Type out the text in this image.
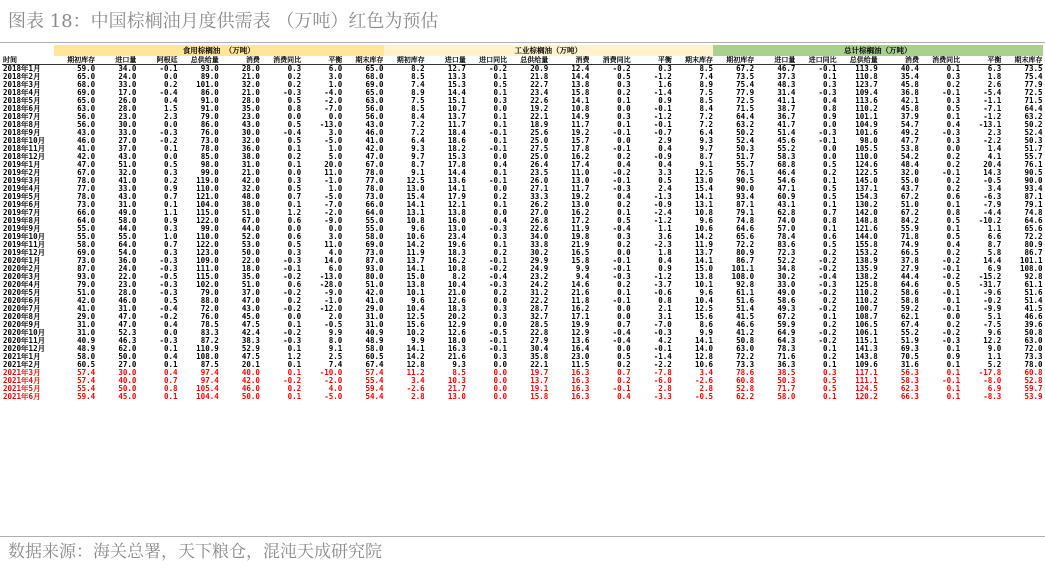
图表 18：中国棕榈油月度供需表 （万吨）红色为预估
	食用棕榈油 （万吨）								工业棕榈油（万吨）								总计棕榈油（万吨）							
时间	期初库存	进口量	阿根廷	总供给量	消费	消费同比	平衡	期末库存	期初库存	进口量	进口同比	总供给量	消费	消费同比	平衡	期末库存	期初库存	进口量	进口同比	总供给量	消费	消费同比	平衡	期末库存
2018年1月	59.0	34.0	-0.1	93.0	28.0	0.3	6.0	65.0	8.2	12.7	-0.2	20.9	12.4	-0.2	0.3	8.5	67.2	46.7	-0.1	113.9	40.4	0.1	6.3	73.5
2018年2月	65.0	24.0	0.0	89.0	21.0	0.2	3.0	68.0	8.5	13.3	0.1	21.8	14.4	0.5	-1.2	7.4	73.5	37.3	0.1	110.8	35.4	0.3	1.8	75.4
2018年3月	68.0	33.0	0.2	101.0	32.0	0.2	1.0	69.0	7.4	15.3	0.5	22.7	13.8	0.3	1.6	8.9	75.4	48.3	0.3	123.7	45.8	0.2	2.6	77.9
2018年4月	69.0	17.0	-0.4	86.0	21.0	-0.3	-4.0	65.0	8.9	14.4	0.1	23.4	15.8	0.2	-1.4	7.5	77.9	31.4	-0.3	109.4	36.8	-0.1	-5.4	72.5
2018年5月	65.0	26.0	0.4	91.0	28.0	0.5	-2.0	63.0	7.5	15.1	0.3	22.6	14.1	0.1	0.9	8.5	72.5	41.1	0.4	113.6	42.1	0.3	-1.1	71.5
2018年6月	63.0	28.0	1.5	91.0	35.0	0.8	-7.0	56.0	8.5	10.7	0.0	19.2	10.8	0.0	-0.1	8.4	71.5	38.7	0.8	110.2	45.8	0.5	-7.1	64.4
2018年7月	56.0	23.0	2.3	79.0	23.0	0.0	0.0	56.0	8.4	13.7	0.1	22.1	14.9	0.3	-1.2	7.2	64.4	36.7	0.9	101.1	37.9	0.1	-1.2	63.2
2018年8月	56.0	30.0	0.0	86.0	43.0	0.5	-13.0	43.0	7.2	11.7	0.1	18.9	11.7	0.1	-0.1	7.2	63.2	41.7	0.0	104.9	54.7	0.4	-13.1	50.2
2018年9月	43.0	33.0	-0.3	76.0	30.0	-0.4	3.0	46.0	7.2	18.4	-0.1	25.6	19.2	-0.1	-0.7	6.4	50.2	51.4	-0.3	101.6	49.2	-0.3	2.3	52.4
2018年10月	46.0	27.0	-0.2	73.0	32.0	0.5	-5.0	41.0	6.4	18.6	0.1	25.0	15.7	0.0	2.9	9.3	52.4	45.6	-0.1	98.0	47.7	0.3	-2.2	50.3
2018年11月	41.0	37.0	0.1	78.0	36.0	0.1	1.0	42.0	9.3	18.2	-0.1	27.5	17.8	-0.1	0.4	9.7	50.3	55.2	0.0	105.5	53.8	0.0	1.4	51.7
2018年12月	42.0	43.0	0.0	85.0	38.0	0.2	5.0	47.0	9.7	15.3	0.0	25.0	16.2	0.2	-0.9	8.7	51.7	58.3	0.0	110.0	54.2	0.2	4.1	55.7
2019年1月	47.0	51.0	0.5	98.0	31.0	0.1	20.0	67.0	8.7	17.8	0.4	26.4	17.4	0.4	0.4	9.1	55.7	68.8	0.5	124.6	48.4	0.2	20.4	76.1
2019年2月	67.0	32.0	0.3	99.0	21.0	0.0	11.0	78.0	9.1	14.4	0.1	23.5	11.0	-0.2	3.3	12.5	76.1	46.4	0.2	122.5	32.0	-0.1	14.3	90.5
2019年3月	78.0	41.0	0.2	119.0	42.0	0.3	-1.0	77.0	12.5	13.6	-0.1	26.0	13.0	-0.1	0.5	13.0	90.5	54.6	0.1	145.0	55.0	0.2	-0.5	90.0
2019年4月	77.0	33.0	0.9	110.0	32.0	0.5	1.0	78.0	13.0	14.1	0.0	27.1	11.7	-0.3	2.4	15.4	90.0	47.1	0.5	137.1	43.7	0.2	3.4	93.4
2019年5月	78.0	43.0	0.7	121.0	48.0	0.7	-5.0	73.0	15.4	17.9	0.2	33.3	19.2	0.4	-1.3	14.1	93.4	60.9	0.5	154.3	67.2	0.6	-6.3	87.1
2019年6月	73.0	31.0	0.1	104.0	38.0	0.1	-7.0	66.0	14.1	12.1	0.1	26.2	13.0	0.2	-0.9	13.1	87.1	43.1	0.1	130.2	51.0	0.1	-7.9	79.1
2019年7月	66.0	49.0	1.1	115.0	51.0	1.2	-2.0	64.0	13.1	13.8	0.0	27.0	16.2	0.1	-2.4	10.8	79.1	62.8	0.7	142.0	67.2	0.8	-4.4	74.8
2019年8月	64.0	58.0	0.9	122.0	67.0	0.6	-9.0	55.0	10.8	16.0	0.4	26.8	17.2	0.5	-1.2	9.6	74.8	74.0	0.8	148.8	84.2	0.5	-10.2	64.6
2019年9月	55.0	44.0	0.3	99.0	44.0	0.0	0.0	55.0	9.6	13.0	-0.3	22.6	11.9	-0.4	1.1	10.6	64.6	57.0	0.1	121.6	55.9	0.1	1.1	65.6
2019年10月	55.0	55.0	1.0	110.0	52.0	0.6	3.0	58.0	10.6	23.4	0.3	34.0	19.8	0.3	3.6	14.2	65.6	78.4	0.6	144.0	71.8	0.5	6.6	72.2
2019年11月	58.0	64.0	0.7	122.0	53.0	0.5	11.0	69.0	14.2	19.6	0.1	33.8	21.9	0.2	-2.3	11.9	72.2	83.6	0.5	155.8	74.9	0.4	8.7	80.9
2019年12月	69.0	54.0	0.3	123.0	50.0	0.3	4.0	73.0	11.9	18.3	0.2	30.2	16.5	0.0	1.8	13.7	80.9	72.3	0.2	153.2	66.5	0.2	5.8	86.7
2020年1月	73.0	36.0	-0.3	109.0	22.0	-0.3	14.0	87.0	13.7	16.2	-0.1	29.9	15.8	-0.1	0.4	14.1	86.7	52.2	-0.2	138.9	37.8	-0.2	14.4	101.1
2020年2月	87.0	24.0	-0.3	111.0	18.0	-0.1	6.0	93.0	14.1	10.8	-0.2	24.9	9.9	-0.1	0.9	15.0	101.1	34.8	-0.2	135.9	27.9	-0.1	6.9	108.0
2020年3月	93.0	22.0	-0.5	115.0	35.0	-0.2	-13.0	80.0	15.0	8.2	-0.4	23.2	9.4	-0.3	-1.2	13.8	108.0	30.2	-0.4	138.2	44.4	-0.2	-15.2	92.8
2020年4月	79.0	23.0	-0.3	102.0	51.0	0.6	-28.0	51.0	13.8	10.4	-0.3	24.2	14.6	0.2	-3.7	10.1	92.8	33.0	-0.3	125.8	64.6	0.5	-31.7	61.1
2020年5月	51.0	28.0	-0.3	79.0	37.0	-0.2	-9.0	42.0	10.1	21.0	0.2	31.2	21.6	0.1	-0.6	9.6	61.1	49.0	-0.2	110.2	58.6	-0.1	-9.6	51.6
2020年6月	42.0	46.0	0.5	88.0	47.0	0.2	-1.0	41.0	9.6	12.6	0.0	22.2	11.8	-0.1	0.8	10.4	51.6	58.6	0.2	110.2	58.8	0.1	-0.2	51.4
2020年7月	41.0	31.0	-0.4	72.0	43.0	-0.2	-12.0	29.0	10.4	18.3	0.3	28.7	16.2	0.0	2.1	12.5	51.4	49.3	-0.2	100.7	59.2	-0.1	-9.9	41.5
2020年8月	29.0	47.0	-0.2	76.0	45.0	0.0	2.0	31.0	12.5	20.2	0.3	32.7	17.1	0.0	3.1	15.6	41.5	67.2	0.1	108.7	62.1	0.0	5.1	46.6
2020年9月	31.0	47.0	0.4	78.5	47.5	0.1	-0.5	31.0	15.6	12.9	0.0	28.5	19.9	0.7	-7.0	8.6	46.6	59.9	0.2	106.5	67.4	0.2	-7.5	39.6
2020年10月	31.0	52.3	0.0	83.3	42.4	-0.2	9.9	40.9	10.2	12.6	-0.5	22.8	12.9	-0.4	-0.3	9.9	41.2	64.9	-0.2	106.1	55.2	-0.2	9.6	50.8
2020年11月	40.9	46.3	-0.3	87.2	38.3	-0.3	8.0	48.9	9.9	18.0	-0.1	27.9	13.6	-0.4	4.2	14.1	50.8	64.3	-0.2	115.1	51.9	-0.3	12.2	63.0
2020年12月	48.9	62.0	0.1	110.9	52.9	0.1	9.1	58.0	14.1	16.3	-0.1	30.4	16.4	0.0	-0.1	14.0	63.0	78.3	0.1	141.3	69.3	0.1	9.0	72.0
2021年1月	58.0	50.0	0.4	108.0	47.5	1.2	2.5	60.5	14.2	21.6	0.3	35.8	23.0	0.5	-1.4	12.8	72.2	71.6	0.2	143.8	70.5	0.9	1.1	73.3
2021年2月	60.5	27.0	0.1	87.5	20.1	0.1	7.4	67.4	12.8	9.3	0.0	22.1	11.5	0.2	-2.2	10.6	73.3	36.3	0.1	109.6	31.6	0.1	5.2	78.0
2021年3月	57.4	30.0	0.4	97.4	40.0	0.1	-10.0	57.4	11.2	8.5	0.0	19.7	16.3	0.7	-7.8	3.4	78.6	38.5	0.3	117.1	56.3	0.1	-17.8	60.8
2021年4月	57.4	40.0	0.7	97.4	42.0	-0.2	-2.0	55.4	3.4	10.3	0.0	13.7	16.3	0.2	-6.0	-2.6	60.8	50.3	0.5	111.1	58.3	-0.1	-8.0	52.8
2021年5月	55.4	50.0	0.8	105.4	46.0	0.2	4.0	59.4	-2.6	21.7	0.0	19.1	16.3	-0.1	2.8	2.8	52.8	71.7	0.5	124.5	62.3	0.1	6.9	59.7
2021年6月	59.4	45.0	0.1	104.4	50.0	0.1	-5.0	54.4	2.8	13.0	0.0	15.8	16.3	0.4	-3.3	-0.5	62.2	58.0	0.1	120.2	66.3	0.1	-8.3	53.9
数据来源：海关总署，天下粮仓，混沌天成研究院
